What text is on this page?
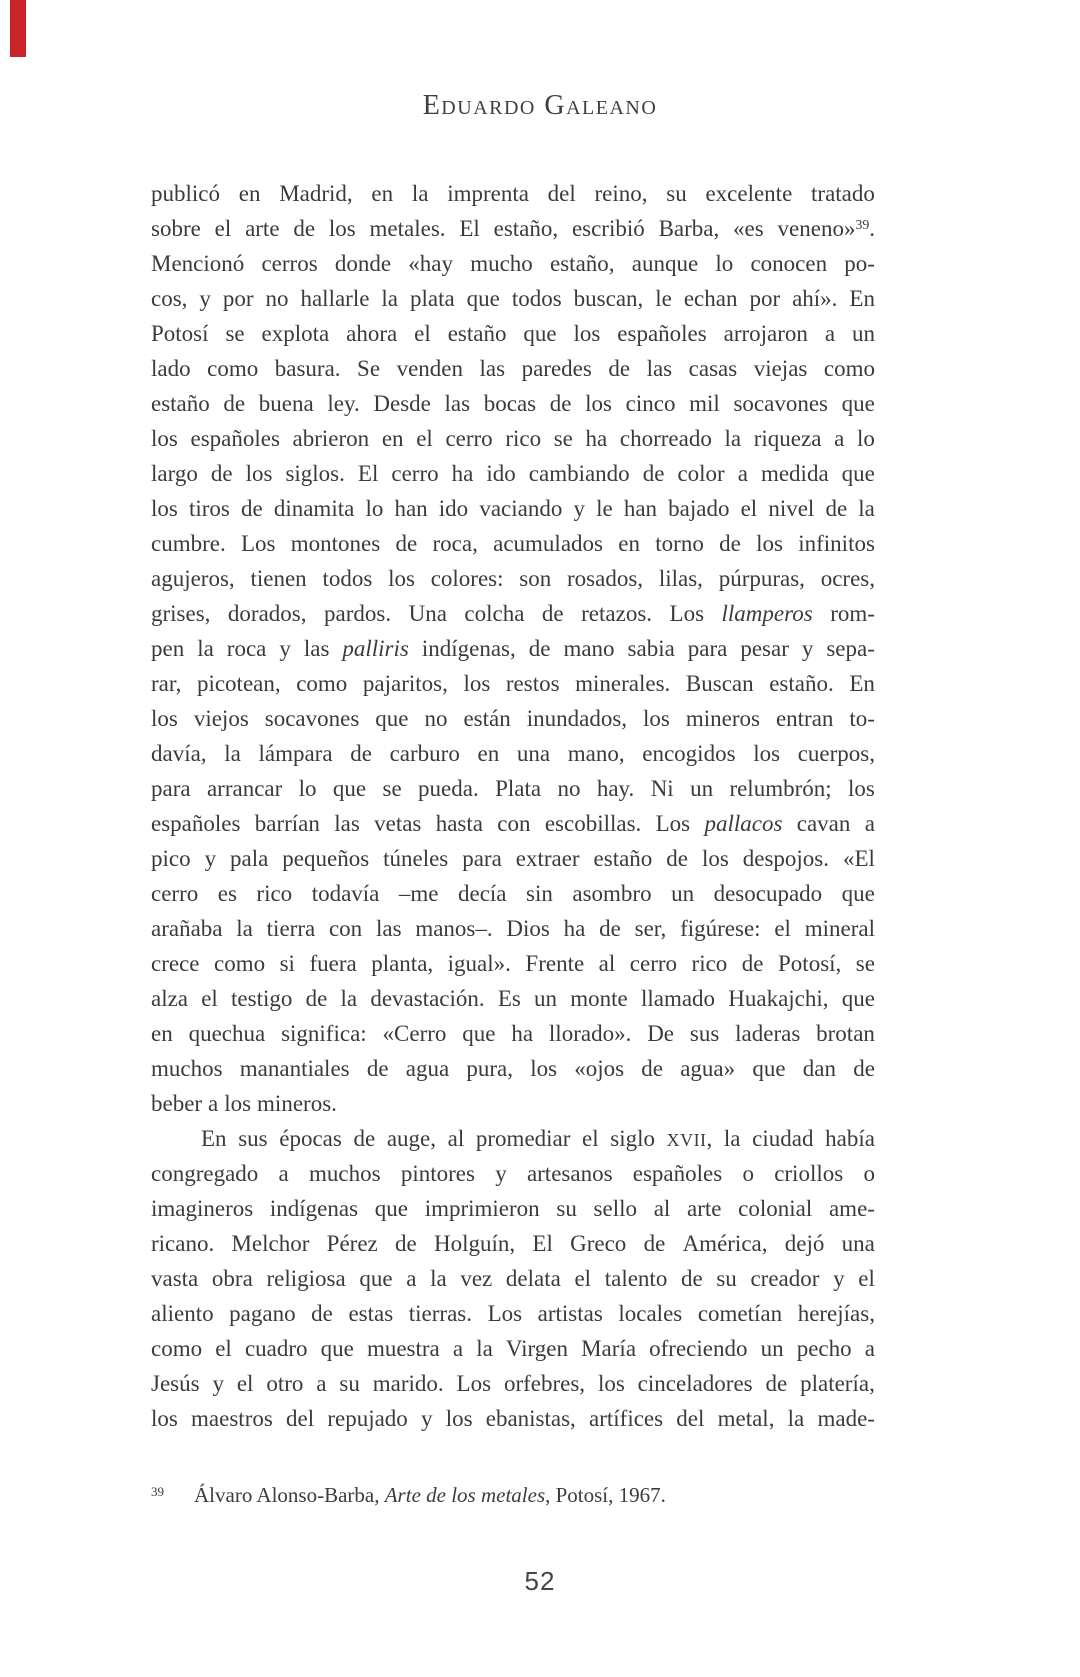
Eduardo Galeano
publicó en Madrid, en la imprenta del reino, su excelente tratado
sobre el arte de los metales. El estaño, escribió Barba, «es veneno»$^{39}$.
Mencionó cerros donde «hay mucho estaño, aunque lo conocen po-
cos, y por no hallarle la plata que todos buscan, le echan por ahí». En
Potosí se explota ahora el estaño que los españoles arrojaron a un
lado como basura. Se venden las paredes de las casas viejas como
estaño de buena ley. Desde las bocas de los cinco mil socavones que
los españoles abrieron en el cerro rico se ha chorreado la riqueza a lo
largo de los siglos. El cerro ha ido cambiando de color a medida que
los tiros de dinamita lo han ido vaciando y le han bajado el nivel de la
cumbre. Los montones de roca, acumulados en torno de los infinitos
agujeros, tienen todos los colores: son rosados, lilas, púrpuras, ocres,
grises, dorados, pardos. Una colcha de retazos. Los llamperos rom-
pen la roca y las palliris indígenas, de mano sabia para pesar y sepa-
rar, picotean, como pajaritos, los restos minerales. Buscan estaño. En
los viejos socavones que no están inundados, los mineros entran to-
davía, la lámpara de carburo en una mano, encogidos los cuerpos,
para arrancar lo que se pueda. Plata no hay. Ni un relumbrón; los
españoles barrían las vetas hasta con escobillas. Los pallacos cavan a
pico y pala pequeños túneles para extraer estaño de los despojos. «El
cerro es rico todavía –me decía sin asombro un desocupado que
arañaba la tierra con las manos–. Dios ha de ser, figúrese: el mineral
crece como si fuera planta, igual». Frente al cerro rico de Potosí, se
alza el testigo de la devastación. Es un monte llamado Huakajchi, que
en quechua significa: «Cerro que ha llorado». De sus laderas brotan
muchos manantiales de agua pura, los «ojos de agua» que dan de
beber a los mineros.
En sus épocas de auge, al promediar el siglo XVII, la ciudad había
congregado a muchos pintores y artesanos españoles o criollos o
imagineros indígenas que imprimieron su sello al arte colonial ame-
ricano. Melchor Pérez de Holguín, El Greco de América, dejó una
vasta obra religiosa que a la vez delata el talento de su creador y el
aliento pagano de estas tierras. Los artistas locales cometían herejías,
como el cuadro que muestra a la Virgen María ofreciendo un pecho a
Jesús y el otro a su marido. Los orfebres, los cinceladores de platería,
los maestros del repujado y los ebanistas, artífices del metal, la made-
$^{39}$ Álvaro Alonso-Barba, Arte de los metales, Potosí, 1967.
52
